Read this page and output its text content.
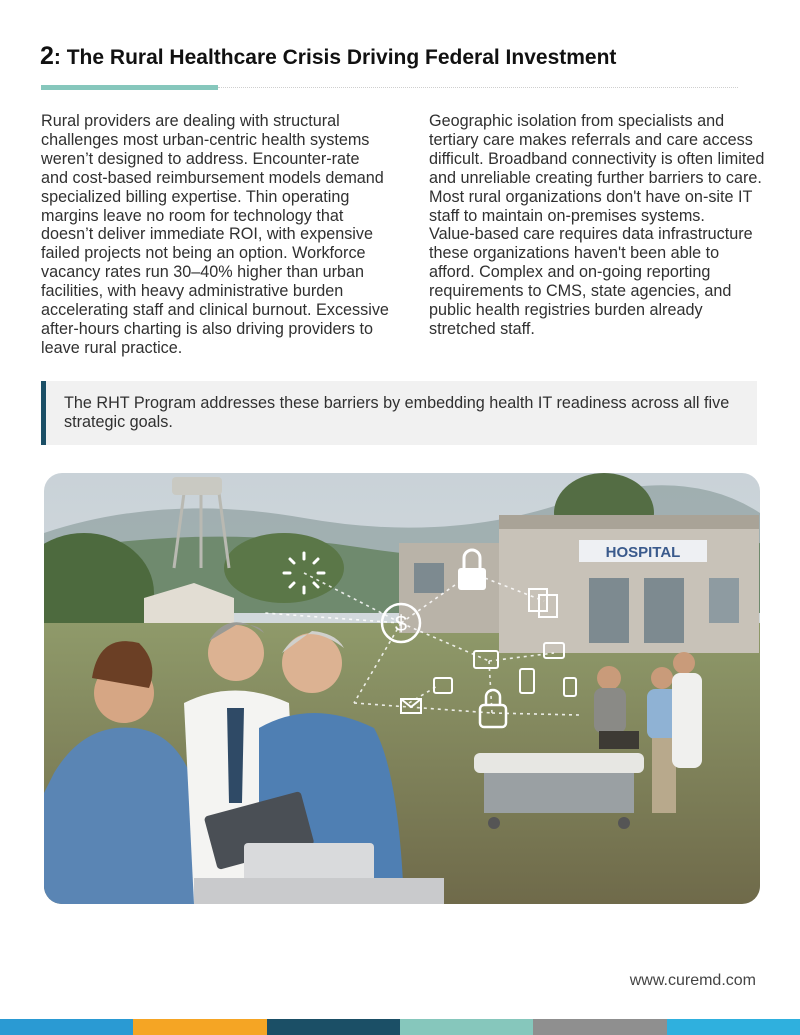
2: The Rural Healthcare Crisis Driving Federal Investment

Rural providers are dealing with structural challenges most urban-centric health systems weren’t designed to address. Encounter-rate and cost-based reimbursement models demand specialized billing expertise. Thin operating margins leave no room for technology that doesn’t deliver immediate ROI, with expensive failed projects not being an option. Workforce vacancy rates run 30–40% higher than urban facilities, with heavy administrative burden accelerating staff and clinical burnout. Excessive after-hours charting is also driving providers to leave rural practice.

Geographic isolation from specialists and tertiary care makes referrals and care access difficult. Broadband connectivity is often limited and unreliable creating further barriers to care. Most rural organizations don't have on-site IT staff to maintain on-premises systems.

Value-based care requires data infrastructure these organizations haven't been able to afford. Complex and on-going reporting requirements to CMS, state agencies, and public health registries burden already stretched staff.

The RHT Program addresses these barriers by embedding health IT readiness across all five strategic goals.
HOSPITAL
$
www.curemd.com
